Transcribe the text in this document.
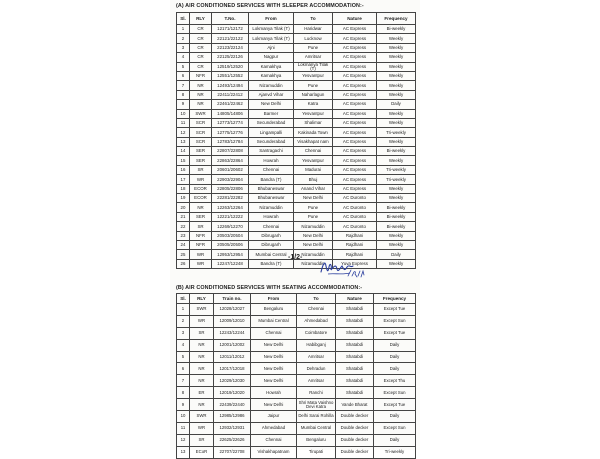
(A) AIR CONDITIONED SERVICES WITH SLEEPER ACCOMMODATION:-
Sl.	RLY	T.No.	From	To	Nature	Frequency
1	CR	12171/12172	Lokmanya Tilak (T)	Haridwar	AC Express	Bi-weekly
2	CR	22121/22122	Lokmanya Tilak (T)	Lucknow	AC Express	Weekly
3	CR	22123/22124	Ajni	Pune	AC Express	Weekly
4	CR	22125/22126	Nagpur	Amritsar	AC Express	Weekly
5	CR	12519/12520	Kamakhya	Lokmanya Tilak (T)	AC Express	Weekly
6	NFR	12551/12552	Kamakhya	Yesvantpur	AC Express	Weekly
7	NR	12493/12494	Nizamuddin	Pune	AC Express	Weekly
8	NR	22411/22412	Ajanvd Vihar	Naharlagun	AC Express	Weekly
9	NR	22461/22462	New Delhi	Katra	AC Express	Daily
10	SWR	14805/14806	Barmer	Yesvantpur	AC Express	Weekly
11	SCR	12773/12774	Secunderabad	Shalimar	AC Express	Weekly
12	SCR	12775/12776	Lingampalli	Kakinada Town	AC Express	Tri-weekly
13	SCR	12783/12784	Secunderabad	Visakhapat nam	AC Express	Weekly
14	SER	22807/22808	Santragachi	Chennai	AC Express	Bi-weekly
15	SER	22863/22864	Howrah	Yesvantpur	AC Express	Weekly
16	SR	20601/20602	Chennai	Madurai	AC Express	Tri-weekly
17	WR	22903/22904	Bandra (T)	Bhuj	AC Express	Tri-weekly
18	ECOR	22805/22806	Bhubaneswar	Anand Vihar	AC Express	Weekly
19	ECOR	22281/22282	Bhubaneswar	New Delhi	AC Duronto	Weekly
20	NR	12263/12264	Nizamuddin	Pune	AC Duronto	Bi-weekly
21	SER	12221/12222	Howrah	Pune	AC Duronto	Bi-weekly
22	SR	12269/12270	Chennai	Nizamuddin	AC Duronto	Bi-weekly
23	NFR	20503/20504	Dibrugarh	New Delhi	Rajdhani	Weekly
24	NFR	20505/20506	Dibrugarh	New Delhi	Rajdhani	Weekly
25	WR	12953/12954	Mumbai Central	Nizamuddin	Rajdhani	Daily
26	WR	12247/12248	Bandra (T)	Nizamuddin	Yuva Express	Weekly
-1/2-
(B) AIR CONDITIONED SERVICES WITH SEATING ACCOMMODATION:-
Sl.	RLY	Train no.	From	To	Nature	Frequency
1	SWR	12028/12027	Bengaluru	Chennai	Shatabdi	Except Tue
2	WR	12009/12010	Mumbai Central	Ahmedabad	Shatabdi	Except Sun
3	SR	12243/12244	Chennai	Coimbatore	Shatabdi	Except Tue
4	NR	12001/12002	New Delhi	Habibganj	Shatabdi	Daily
5	NR	12011/12012	New Delhi	Amritsar	Shatabdi	Daily
6	NR	12017/12018	New Delhi	Dehradun	Shatabdi	Daily
7	NR	12029/12030	New Delhi	Amritsar	Shatabdi	Except Thu
8	ER	12019/12020	Howrah	Ranchi	Shatabdi	Except Sun
9	NR	22439/22440	New Delhi	Shri Mata Vaishno Devi Katra	Vande Bharat	Except Tue
10	SWR	12985/12986	Jaipur	Delhi Sarai Rohilla	Double decker	Daily
11	WR	12932/12931	Ahmedabad	Mumbai Central	Double decker	Except Sun
12	SR	22625/22626	Chennai	Bengaluru	Double decker	Daily
13	ECoR	22707/22708	Vishakhapatnam	Tirupati	Double decker	Tri-weekly
